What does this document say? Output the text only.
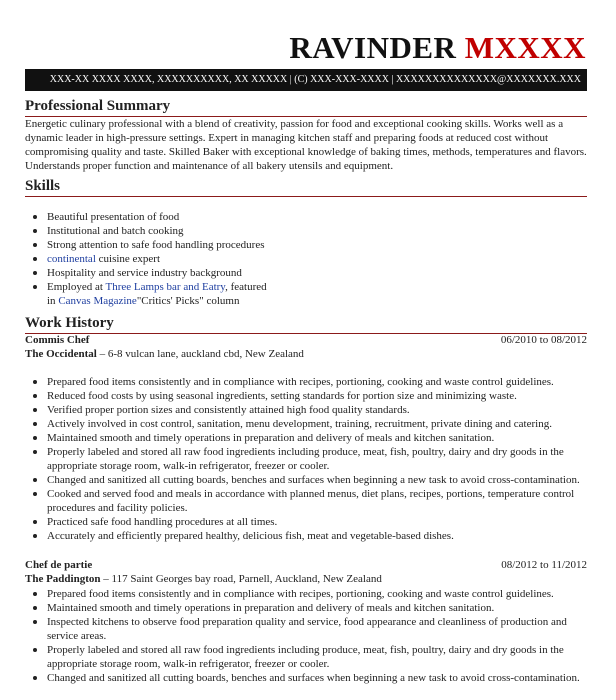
RAVINDER MXXXX
XXX-XX XXXX XXXX, XXXXXXXXXX, XX XXXXX | (C) XXX-XXX-XXXX | XXXXXXXXXXXXXX@XXXXXXX.XXX
Professional Summary
Energetic culinary professional with a blend of creativity, passion for food and exceptional cooking skills. Works well as a dynamic leader in high-pressure settings. Expert in managing kitchen staff and preparing foods at reduced cost without compromising quality and taste. Skilled Baker with exceptional knowledge of baking times, methods, temperatures and flavors. Understands proper function and maintenance of all bakery utensils and equipment.
Skills
Beautiful presentation of food
Institutional and batch cooking
Strong attention to safe food handling procedures
continental cuisine expert
Hospitality and service industry background
Employed at Three Lamps bar and Eatry, featured
in Canvas Magazine"Critics' Picks" column
Work History
Commis Chef	06/2010 to 08/2012
The Occidental – 6-8 vulcan lane, auckland cbd, New Zealand
Prepared food items consistently and in compliance with recipes, portioning, cooking and waste control guidelines.
Reduced food costs by using seasonal ingredients, setting standards for portion size and minimizing waste.
Verified proper portion sizes and consistently attained high food quality standards.
Actively involved in cost control, sanitation, menu development, training, recruitment, private dining and catering.
Maintained smooth and timely operations in preparation and delivery of meals and kitchen sanitation.
Properly labeled and stored all raw food ingredients including produce, meat, fish, poultry, dairy and dry goods in the appropriate storage room, walk-in refrigerator, freezer or cooler.
Changed and sanitized all cutting boards, benches and surfaces when beginning a new task to avoid cross-contamination.
Cooked and served food and meals in accordance with planned menus, diet plans, recipes, portions, temperature control procedures and facility policies.
Practiced safe food handling procedures at all times.
Accurately and efficiently prepared healthy, delicious fish, meat and vegetable-based dishes.
Chef de partie	08/2012 to 11/2012
The Paddington – 117 Saint Georges bay road, Parnell, Auckland, New Zealand
Prepared food items consistently and in compliance with recipes, portioning, cooking and waste control guidelines.
Maintained smooth and timely operations in preparation and delivery of meals and kitchen sanitation.
Inspected kitchens to observe food preparation quality and service, food appearance and cleanliness of production and service areas.
Properly labeled and stored all raw food ingredients including produce, meat, fish, poultry, dairy and dry goods in the appropriate storage room, walk-in refrigerator, freezer or cooler.
Changed and sanitized all cutting boards, benches and surfaces when beginning a new task to avoid cross-contamination.
